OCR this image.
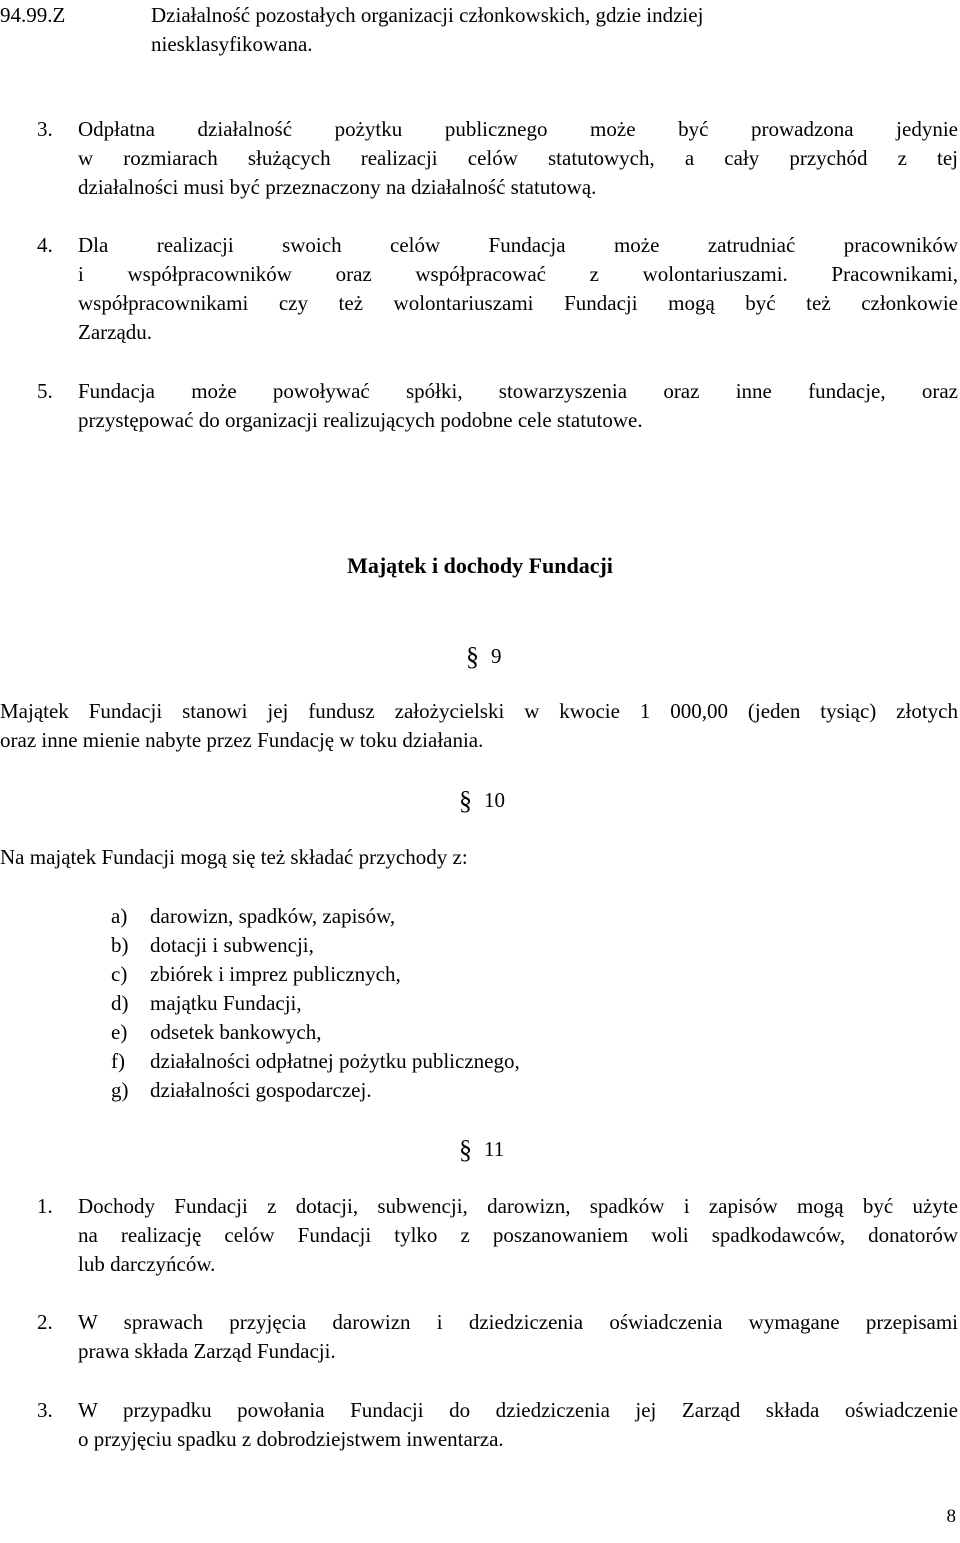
94.99.Z	Działalność pozostałych organizacji członkowskich, gdzie indziej
niesklasyfikowana.
3. Odpłatna działalność pożytku publicznego może być prowadzona jedynie
w rozmiarach służących realizacji celów statutowych, a cały przychód z tej
działalności musi być przeznaczony na działalność statutową.
4. Dla realizacji swoich celów Fundacja może zatrudniać pracowników
i współpracowników oraz współpracować z wolontariuszami. Pracownikami,
współpracownikami czy też wolontariuszami Fundacji mogą być też członkowie
Zarządu.
5. Fundacja może powoływać spółki, stowarzyszenia oraz inne fundacje, oraz
przystępować do organizacji realizujących podobne cele statutowe.
Majątek i dochody Fundacji
§ 9
Majątek Fundacji stanowi jej fundusz założycielski w kwocie 1 000,00 (jeden tysiąc) złotych
oraz inne mienie nabyte przez Fundację w toku działania.
§ 10
Na majątek Fundacji mogą się też składać przychody z:
a) darowizn, spadków, zapisów,
b) dotacji i subwencji,
c) zbiórek i imprez publicznych,
d) majątku Fundacji,
e) odsetek bankowych,
f) działalności odpłatnej pożytku publicznego,
g) działalności gospodarczej.
§ 11
1. Dochody Fundacji z dotacji, subwencji, darowizn, spadków i zapisów mogą być użyte
na realizację celów Fundacji tylko z poszanowaniem woli spadkodawców, donatorów
lub darczyńców.
2. W sprawach przyjęcia darowizn i dziedziczenia oświadczenia wymagane przepisami
prawa składa Zarząd Fundacji.
3. W przypadku powołania Fundacji do dziedziczenia jej Zarząd składa oświadczenie
o przyjęciu spadku z dobrodziejstwem inwentarza.
8
